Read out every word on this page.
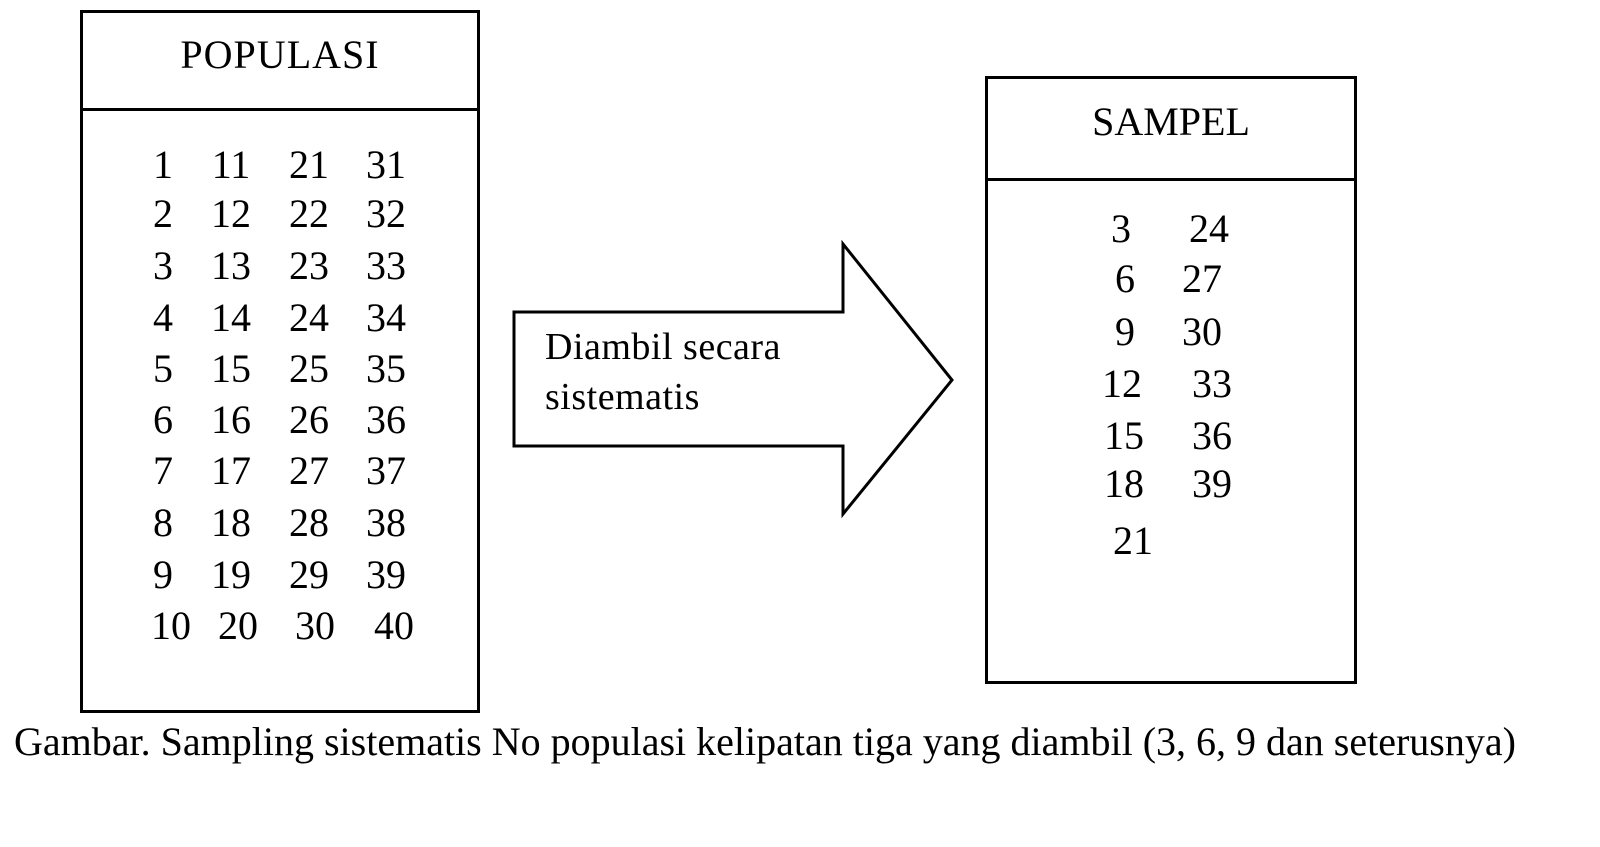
POPULASI
1 11 21 31
2 12 22 32
3 13 23 33
4 14 24 34
5 15 25 35
6 16 26 36
7 17 27 37
8 18 28 38
9 19 29 39
10 20 30 40
Diambil secara
sistematis
SAMPEL
3	24
6	27
9	30
12	33
15	36
18	39
21
Gambar. Sampling sistematis No populasi kelipatan tiga yang diambil (3, 6, 9 dan seterusnya)
